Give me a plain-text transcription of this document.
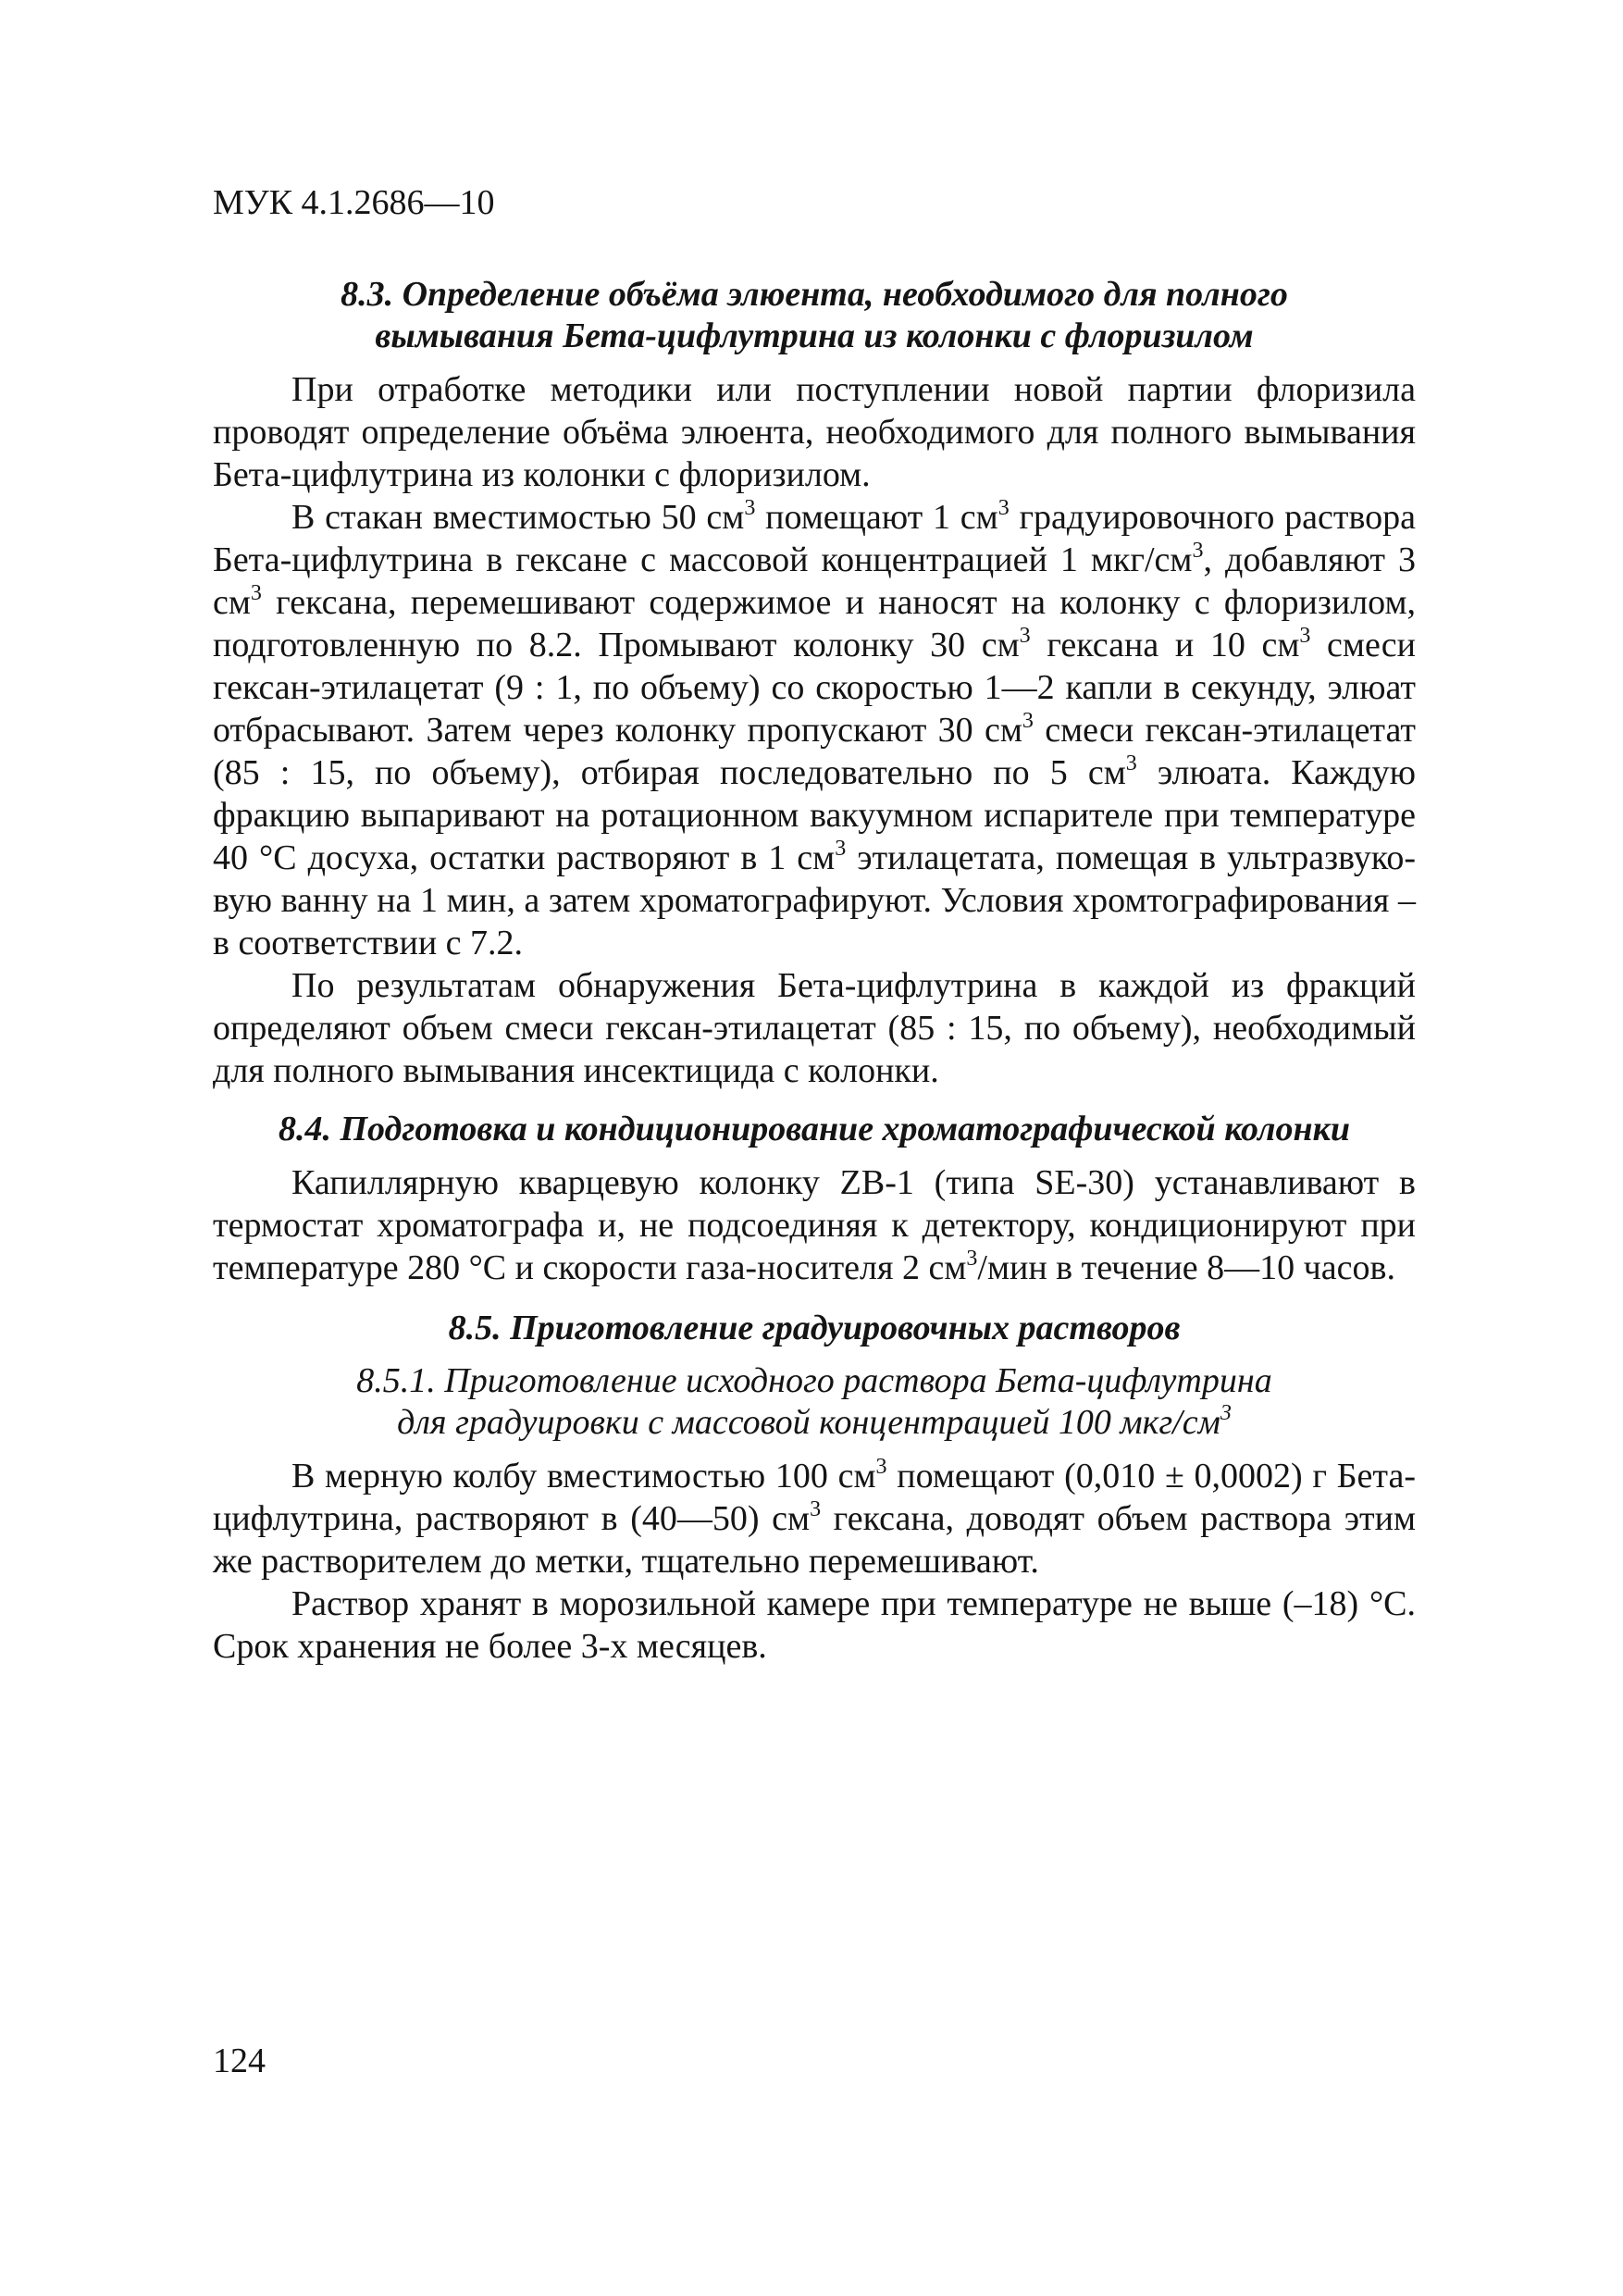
МУК 4.1.2686—10
8.3. Определение объёма элюента, необходимого для полного
вымывания Бета-цифлутрина из колонки с флоризилом

При отработке методики или поступлении новой партии флоризила проводят определение объёма элюента, необходимого для полного вымывания Бета-цифлутрина из колонки с флоризилом.

В стакан вместимостью 50 $см^3$ помещают 1 $см^3$ градуировочного раствора Бета-цифлутрина в гексане с массовой концентрацией 1 мкг/$см^3$, добавляют 3 $см^3$ гексана, перемешивают содержимое и наносят на колонку с флоризилом, подготовленную по 8.2. Промывают колонку 30 $см^3$ гексана и 10 $см^3$ смеси гексан-этилацетат (9 : 1, по объему) со скоростью 1—2 капли в секунду, элюат отбрасывают. Затем через колонку пропускают 30 $см^3$ смеси гексан-этилацетат (85 : 15, по объему), отбирая последовательно по 5 $см^3$ элюата. Каждую фракцию выпаривают на ротационном вакуумном испарителе при температуре 40 °С досуха, остатки растворяют в 1 $см^3$ этилацетата, помещая в ультразвуковую ванну на 1 мин, а затем хроматографируют. Условия хромтографирования – в соответствии с 7.2.

По результатам обнаружения Бета-цифлутрина в каждой из фракций определяют объем смеси гексан-этилацетат (85 : 15, по объему), необходимый для полного вымывания инсектицида с колонки.

8.4. Подготовка и кондиционирование хроматографической колонки

Капиллярную кварцевую колонку ZB-1 (типа SE-30) устанавливают в термостат хроматографа и, не подсоединяя к детектору, кондиционируют при температуре 280 °С и скорости газа-носителя 2 $см^3$/мин в течение 8—10 часов.

8.5. Приготовление градуировочных растворов
8.5.1. Приготовление исходного раствора Бета-цифлутрина
для градуировки с массовой концентрацией 100 мкг/$см^3$

В мерную колбу вместимостью 100 $см^3$ помещают (0,010 ± 0,0002) г Бета-цифлутрина, растворяют в (40—50) $см^3$ гексана, доводят объем раствора этим же растворителем до метки, тщательно перемешивают.

Раствор хранят в морозильной камере при температуре не выше (–18) °С. Срок хранения не более 3-х месяцев.

124
